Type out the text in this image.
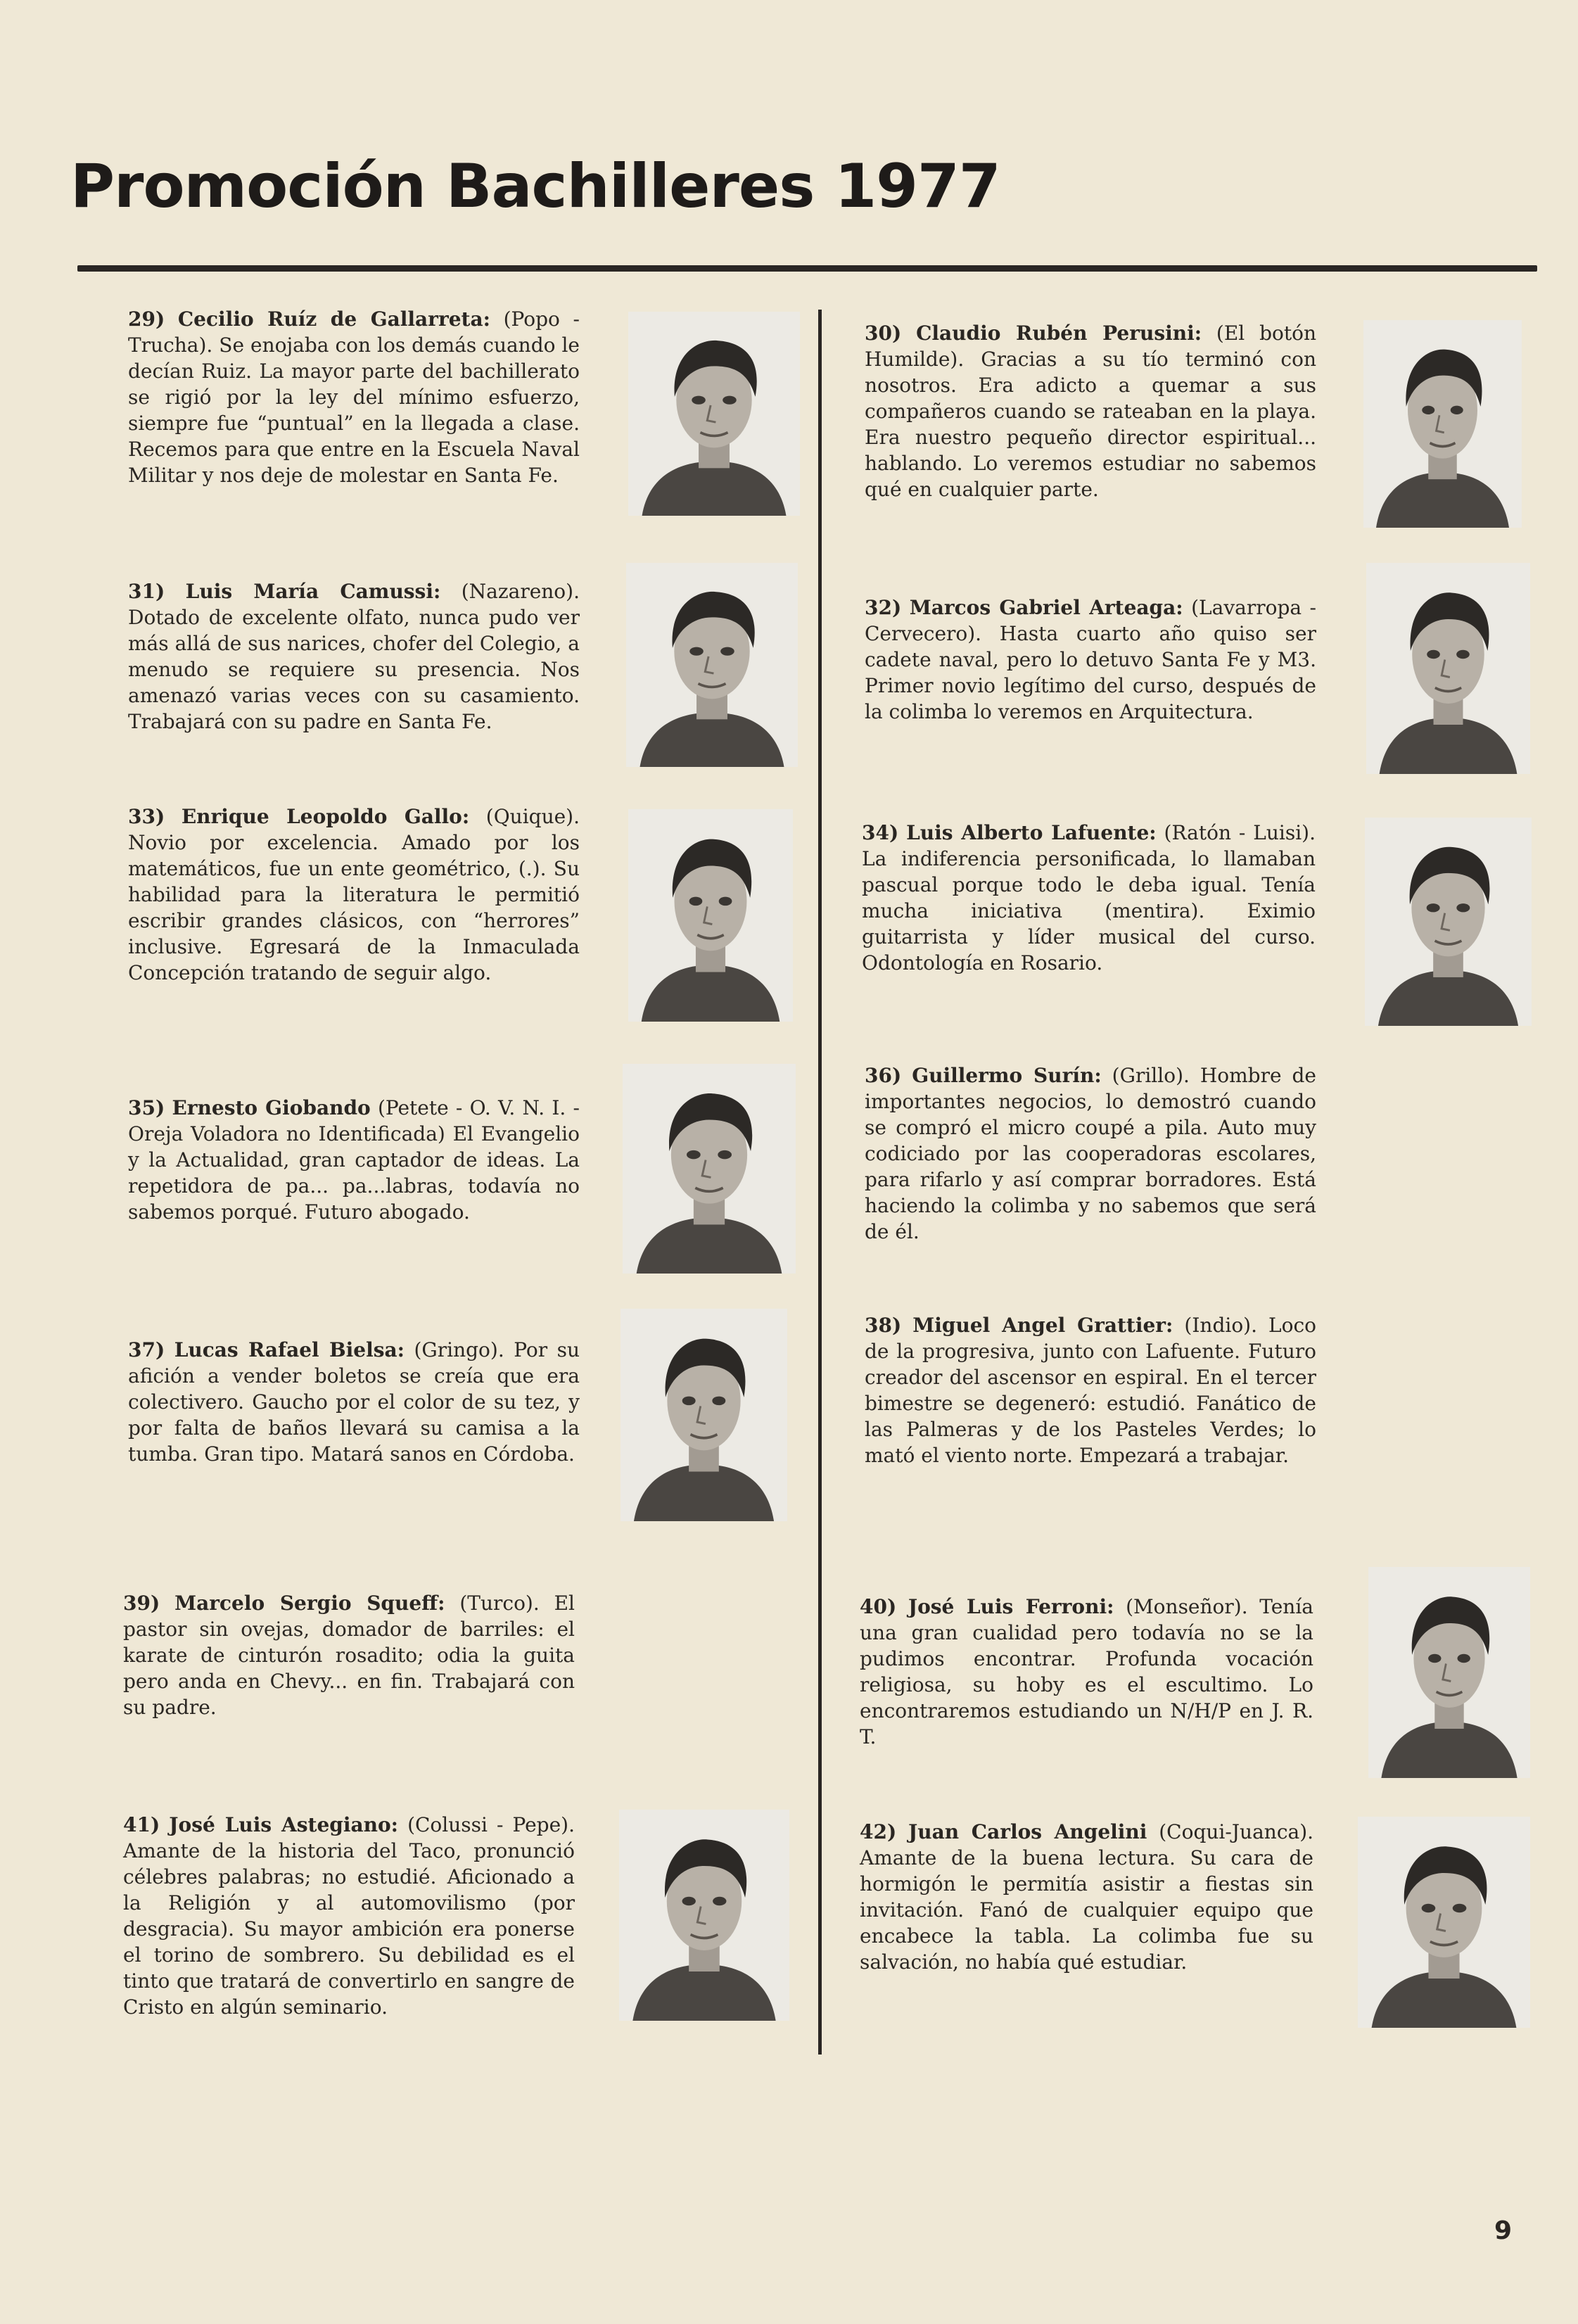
Promoción Bachilleres 1977

29) Cecilio Ruíz de Gallarreta: (Popo - Trucha). Se enojaba con los demás cuando le decían Ruiz. La mayor parte del bachillerato se rigió por la ley del mínimo esfuerzo, siempre fue “puntual” en la llegada a clase. Recemos para que entre en la Escuela Naval Militar y nos deje de molestar en Santa Fe.

31) Luis María Camussi: (Nazareno). Dotado de excelente olfato, nunca pudo ver más allá de sus narices, chofer del Colegio, a menudo se requiere su presencia. Nos amenazó varias veces con su casamiento. Trabajará con su padre en Santa Fe.

33) Enrique Leopoldo Gallo: (Quique). Novio por excelencia. Amado por los matemáticos, fue un ente geométrico, (.). Su habilidad para la literatura le permitió escribir grandes clásicos, con “herrores” inclusive. Egresará de la Inmaculada Concepción tratando de seguir algo.

35) Ernesto Giobando (Petete - O. V. N. I. - Oreja Voladora no Identificada) El Evangelio y la Actualidad, gran captador de ideas. La repetidora de pa... pa...labras, todavía no sabemos porqué. Futuro abogado.

37) Lucas Rafael Bielsa: (Gringo). Por su afición a vender boletos se creía que era colectivero. Gaucho por el color de su tez, y por falta de baños llevará su camisa a la tumba. Gran tipo. Matará sanos en Córdoba.

39) Marcelo Sergio Squeff: (Turco). El pastor sin ovejas, domador de barriles: el karate de cinturón rosadito; odia la guita pero anda en Chevy... en fin. Trabajará con su padre.

41) José Luis Astegiano: (Colussi - Pepe). Amante de la historia del Taco, pronunció célebres palabras; no estudié. Aficionado a la Religión y al automovilismo (por desgracia). Su mayor ambición era ponerse el torino de sombrero. Su debilidad es el tinto que tratará de convertirlo en sangre de Cristo en algún seminario.

30) Claudio Rubén Perusini: (El botón Humilde). Gracias a su tío terminó con nosotros. Era adicto a quemar a sus compañeros cuando se rateaban en la playa. Era nuestro pequeño director espiritual... hablando. Lo veremos estudiar no sabemos qué en cualquier parte.

32) Marcos Gabriel Arteaga: (Lavarropa - Cervecero). Hasta cuarto año quiso ser cadete naval, pero lo detuvo Santa Fe y M3. Primer novio legítimo del curso, después de la colimba lo veremos en Arquitectura.

34) Luis Alberto Lafuente: (Ratón - Luisi). La indiferencia personificada, lo llamaban pascual porque todo le deba igual. Tenía mucha iniciativa (mentira). Eximio guitarrista y líder musical del curso. Odontología en Rosario.

36) Guillermo Surín: (Grillo). Hombre de importantes negocios, lo demostró cuando se compró el micro coupé a pila. Auto muy codiciado por las cooperadoras escolares, para rifarlo y así comprar borradores. Está haciendo la colimba y no sabemos que será de él.

38) Miguel Angel Grattier: (Indio). Loco de la progresiva, junto con Lafuente. Futuro creador del ascensor en espiral. En el tercer bimestre se degeneró: estudió. Fanático de las Palmeras y de los Pasteles Verdes; lo mató el viento norte. Empezará a trabajar.

40) José Luis Ferroni: (Monseñor). Tenía una gran cualidad pero todavía no se la pudimos encontrar. Profunda vocación religiosa, su hoby es el escultimo. Lo encontraremos estudiando un N/H/P en J. R. T.

42) Juan Carlos Angelini (Coqui-Juanca). Amante de la buena lectura. Su cara de hormigón le permitía asistir a fiestas sin invitación. Fanó de cualquier equipo que encabece la tabla. La colimba fue su salvación, no había qué estudiar.

9
